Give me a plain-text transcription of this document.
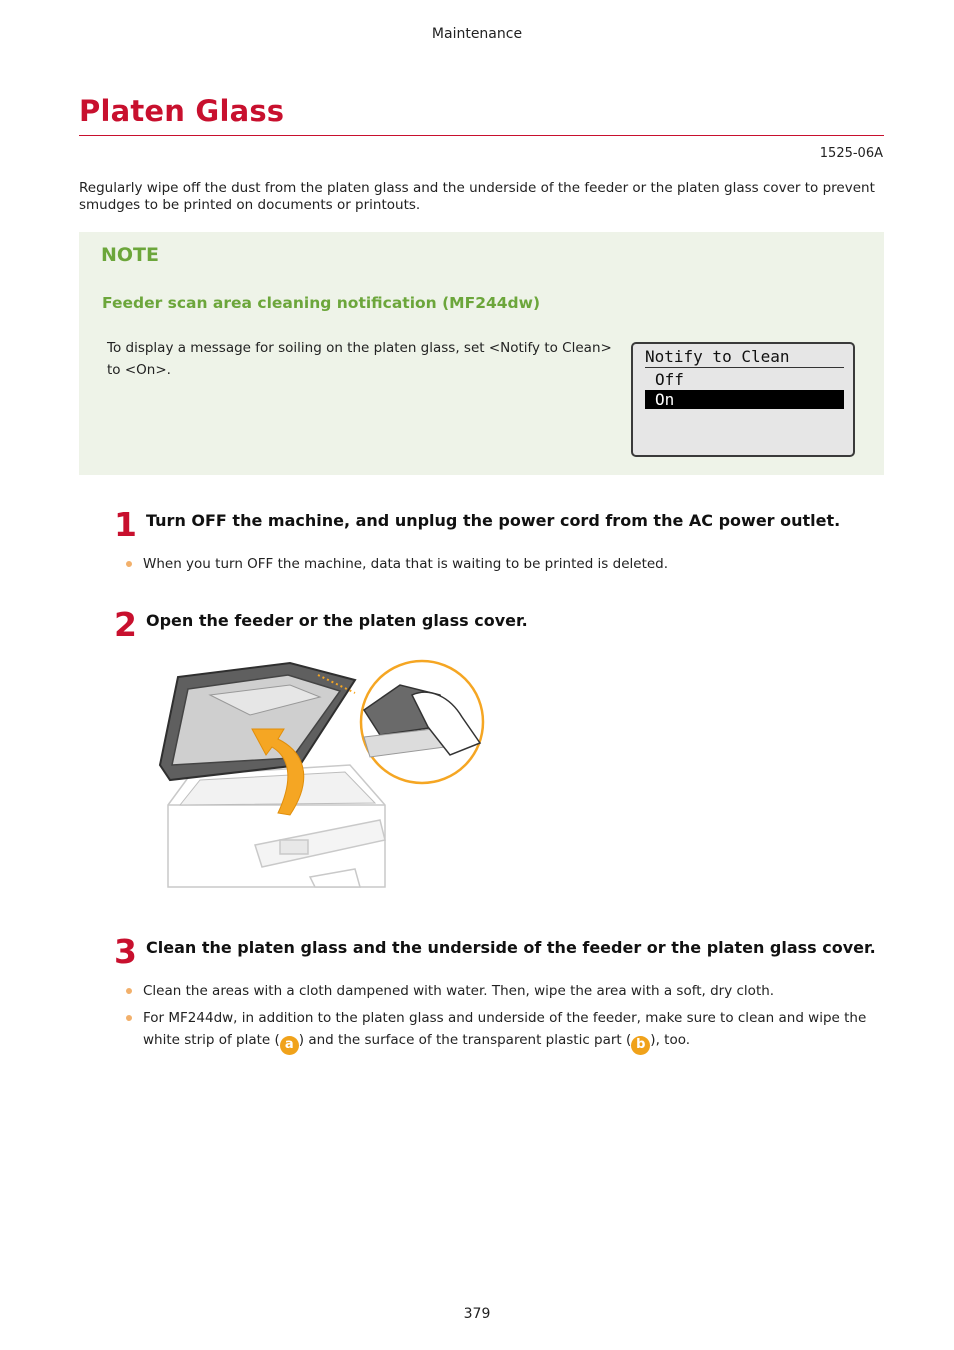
Maintenance
Platen Glass
1525-06A
Regularly wipe off the dust from the platen glass and the underside of the feeder or the platen glass cover to prevent smudges to be printed on documents or printouts.
NOTE
Feeder scan area cleaning notification (MF244dw)
To display a message for soiling on the platen glass, set <Notify to Clean> to <On>.
Notify to Clean
Off
On
1 Turn OFF the machine, and unplug the power cord from the AC power outlet.
When you turn OFF the machine, data that is waiting to be printed is deleted.
2 Open the feeder or the platen glass cover.
3 Clean the platen glass and the underside of the feeder or the platen glass cover.
Clean the areas with a cloth dampened with water. Then, wipe the area with a soft, dry cloth.
For MF244dw, in addition to the platen glass and underside of the feeder, make sure to clean and wipe the
white strip of plate ( a ) and the surface of the transparent plastic part ( b ), too.
379
